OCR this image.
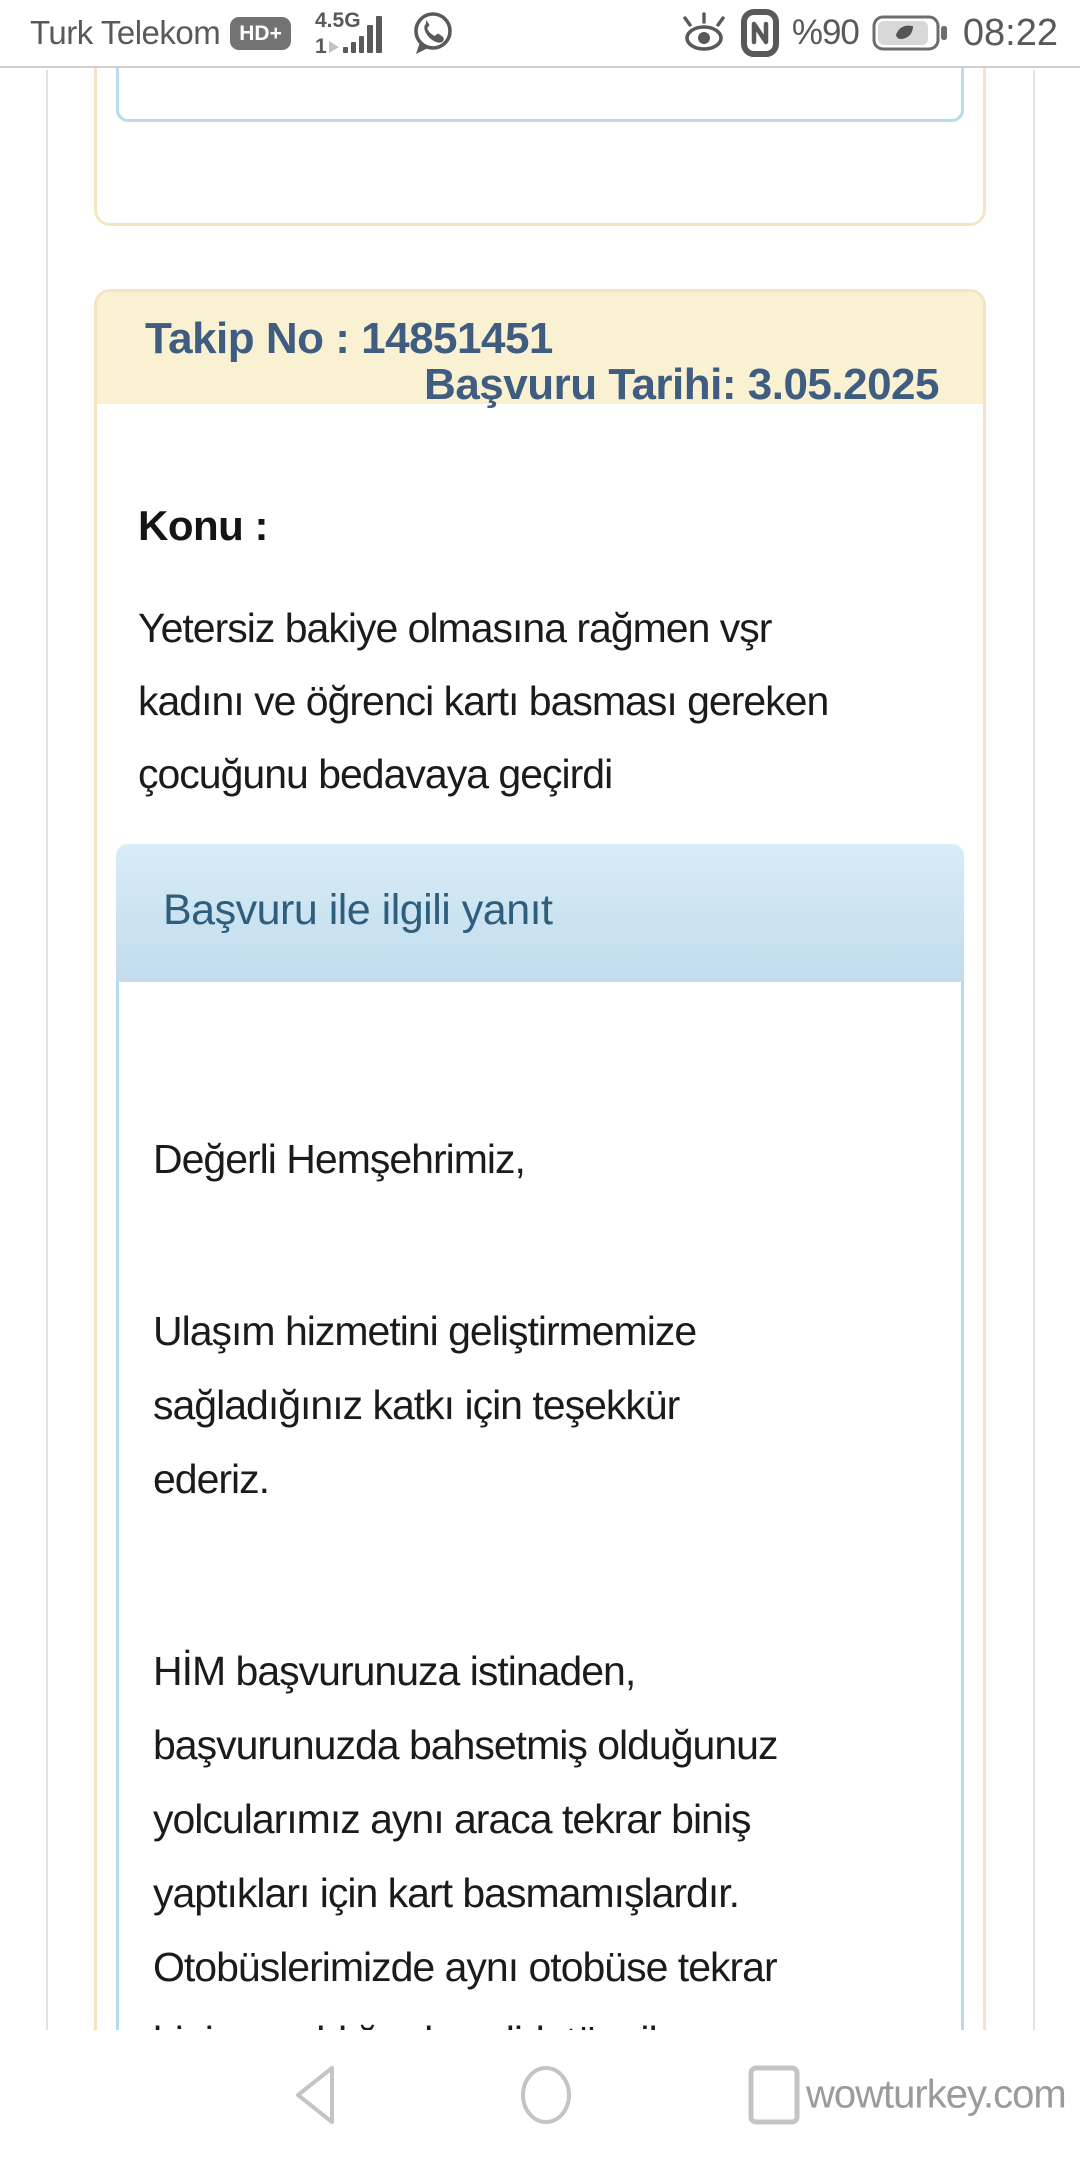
Turk Telekom HD+
4.5G
1	%90	08:22
Takip No : 14851451
Başvuru Tarihi: 3.05.2025
Konu :
Yetersiz bakiye olmasına rağmen vşr
kadını ve öğrenci kartı basması gereken
çocuğunu bedavaya geçirdi
Başvuru ile ilgili yanıt
Değerli Hemşehrimiz,
Ulaşım hizmetini geliştirmemize
sağladığınız katkı için teşekkür
ederiz.
HİM başvurunuza istinaden,
başvurunuzda bahsetmiş olduğunuz
yolcularımız aynı araca tekrar biniş
yaptıkları için kart basmamışlardır.
Otobüslerimizde aynı otobüse tekrar
wowturkey.com
